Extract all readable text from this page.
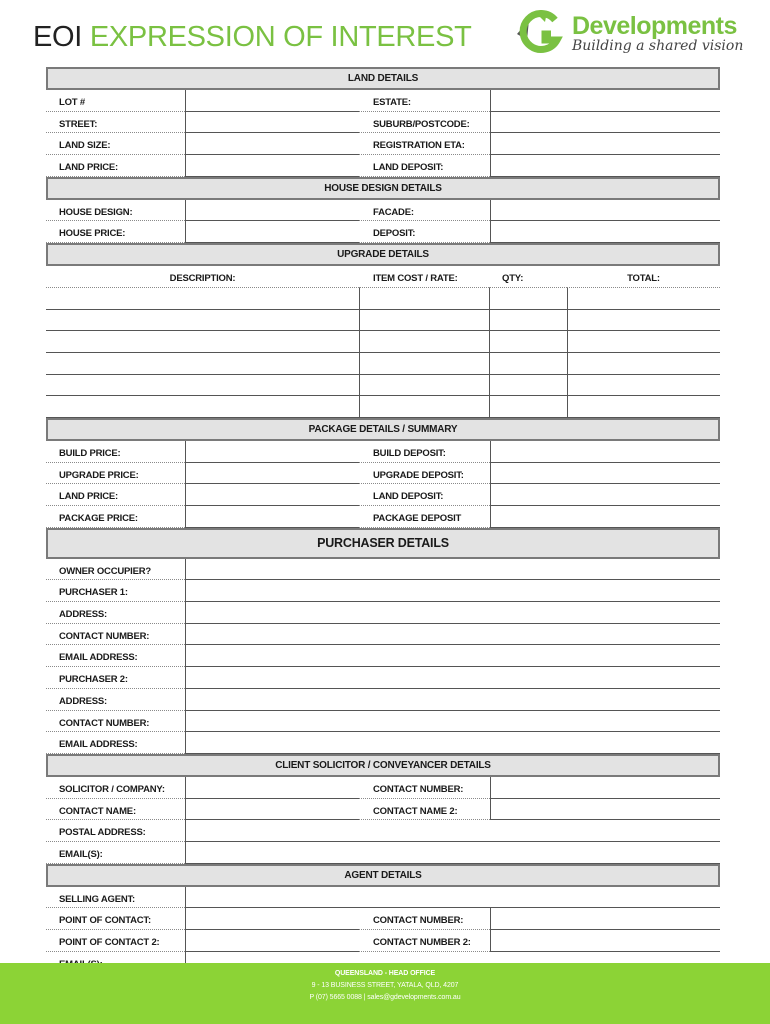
EOI EXPRESSION OF INTEREST	Developments
Building a shared vision
LAND DETAILS
LOT #	ESTATE:
STREET:	SUBURB/POSTCODE:
LAND SIZE:	REGISTRATION ETA:
LAND PRICE:	LAND DEPOSIT:
HOUSE DESIGN DETAILS
HOUSE DESIGN:	FACADE:
HOUSE PRICE:	DEPOSIT:
UPGRADE DETAILS
DESCRIPTION:	ITEM COST / RATE:	QTY:	TOTAL:
PACKAGE DETAILS / SUMMARY
BUILD PRICE:	BUILD DEPOSIT:
UPGRADE PRICE:	UPGRADE DEPOSIT:
LAND PRICE:	LAND DEPOSIT:
PACKAGE PRICE:	PACKAGE DEPOSIT
PURCHASER DETAILS
OWNER OCCUPIER?
PURCHASER 1:
ADDRESS:
CONTACT NUMBER:
EMAIL ADDRESS:
PURCHASER 2:
ADDRESS:
CONTACT NUMBER:
EMAIL ADDRESS:
CLIENT SOLICITOR / CONVEYANCER DETAILS
SOLICITOR / COMPANY:	CONTACT NUMBER:
CONTACT NAME:	CONTACT NAME 2:
POSTAL ADDRESS:
EMAIL(S):
AGENT DETAILS
SELLING AGENT:
POINT OF CONTACT:	CONTACT NUMBER:
POINT OF CONTACT 2:	CONTACT NUMBER 2:
QUEENSLAND - HEAD OFFICE
9 - 13 BUSINESS STREET, YATALA, QLD, 4207
P (07) 5665 0088 | sales@gdevelopments.com.au
